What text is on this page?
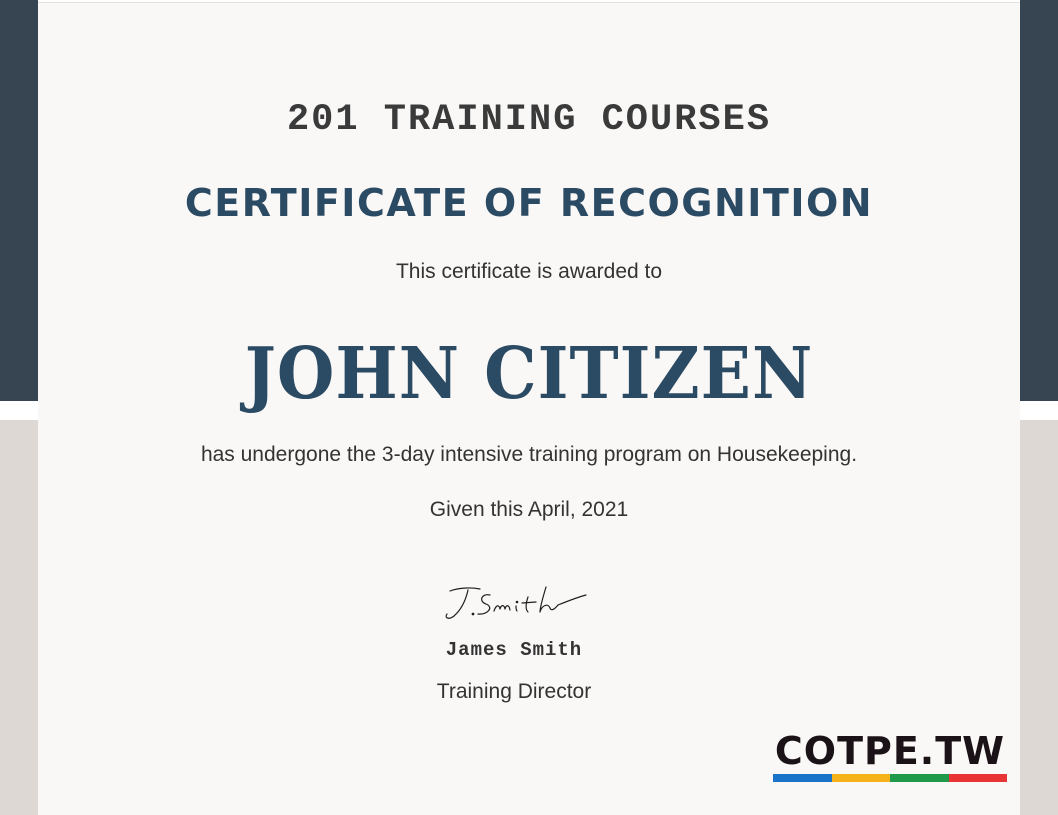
201 TRAINING COURSES
CERTIFICATE OF RECOGNITION
This certificate is awarded to
JOHN CITIZEN
has undergone the 3-day intensive training program on Housekeeping.
Given this April, 2021
James Smith
Training Director
COTPE.TW
